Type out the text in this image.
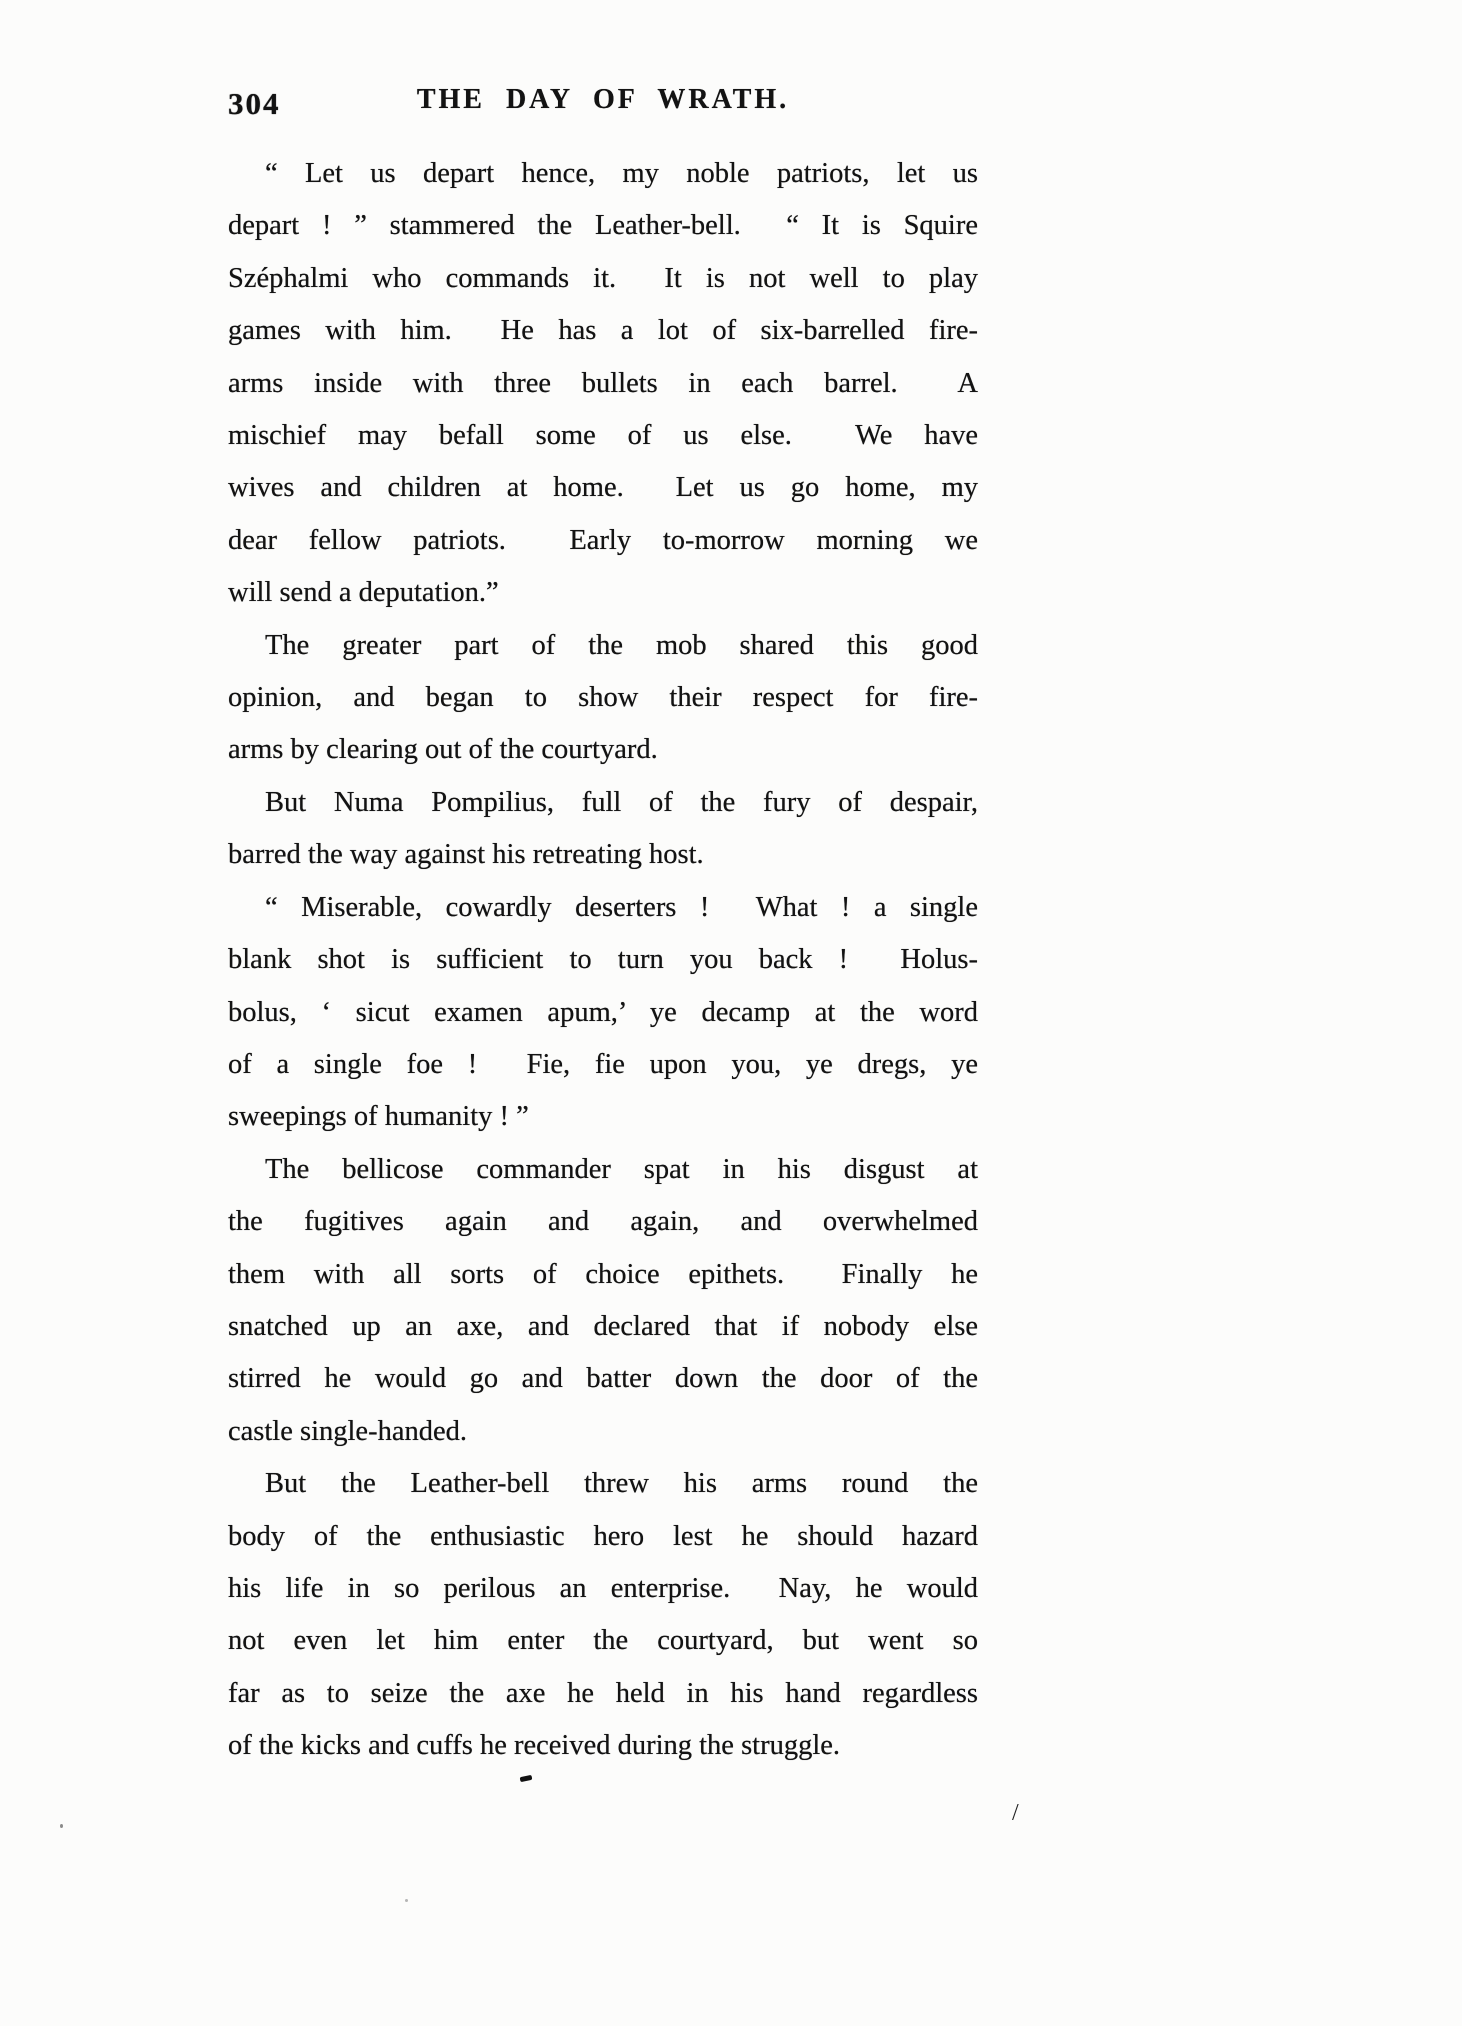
304	THE DAY OF WRATH.
“ Let us depart hence, my noble patriots, let us
depart ! ” stammered the Leather-bell.  “ It is Squire
Széphalmi who commands it.  It is not well to play
games with him.  He has a lot of six-barrelled fire-
arms inside with three bullets in each barrel.  A
mischief may befall some of us else.  We have
wives and children at home.  Let us go home, my
dear fellow patriots.  Early to-morrow morning we
will send a deputation.”
The greater part of the mob shared this good
opinion, and began to show their respect for fire-
arms by clearing out of the courtyard.
But Numa Pompilius, full of the fury of despair,
barred the way against his retreating host.
“ Miserable, cowardly deserters !  What ! a single
blank shot is sufficient to turn you back !  Holus-
bolus, ‘ sicut examen apum,’ ye decamp at the word
of a single foe !  Fie, fie upon you, ye dregs, ye
sweepings of humanity ! ”
The bellicose commander spat in his disgust at
the fugitives again and again, and overwhelmed
them with all sorts of choice epithets.  Finally he
snatched up an axe, and declared that if nobody else
stirred he would go and batter down the door of the
castle single-handed.
But the Leather-bell threw his arms round the
body of the enthusiastic hero lest he should hazard
his life in so perilous an enterprise.  Nay, he would
not even let him enter the courtyard, but went so
far as to seize the axe he held in his hand regardless
of the kicks and cuffs he received during the struggle.
/
